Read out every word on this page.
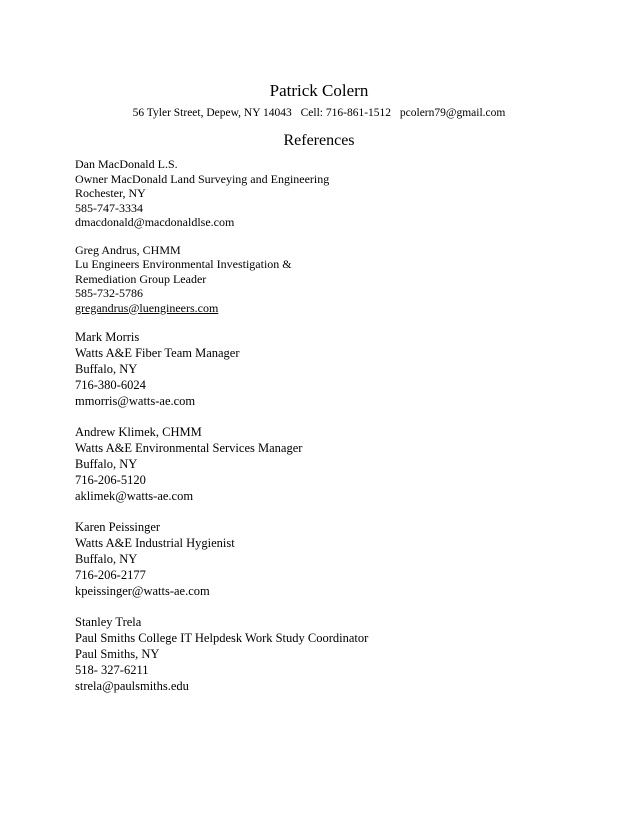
Patrick Colern
56 Tyler Street, Depew, NY 14043 Cell: 716-861-1512 pcolern79@gmail.com
References
Dan MacDonald L.S.
Owner MacDonald Land Surveying and Engineering
Rochester, NY
585-747-3334
dmacdonald@macdonaldlse.com
Greg Andrus, CHMM
Lu Engineers Environmental Investigation &
Remediation Group Leader
585-732-5786
gregandrus@luengineers.com
Mark Morris
Watts A&E Fiber Team Manager
Buffalo, NY
716-380-6024
mmorris@watts-ae.com
Andrew Klimek, CHMM
Watts A&E Environmental Services Manager
Buffalo, NY
716-206-5120
aklimek@watts-ae.com
Karen Peissinger
Watts A&E Industrial Hygienist
Buffalo, NY
716-206-2177
kpeissinger@watts-ae.com
Stanley Trela
Paul Smiths College IT Helpdesk Work Study Coordinator
Paul Smiths, NY
518- 327-6211
strela@paulsmiths.edu
